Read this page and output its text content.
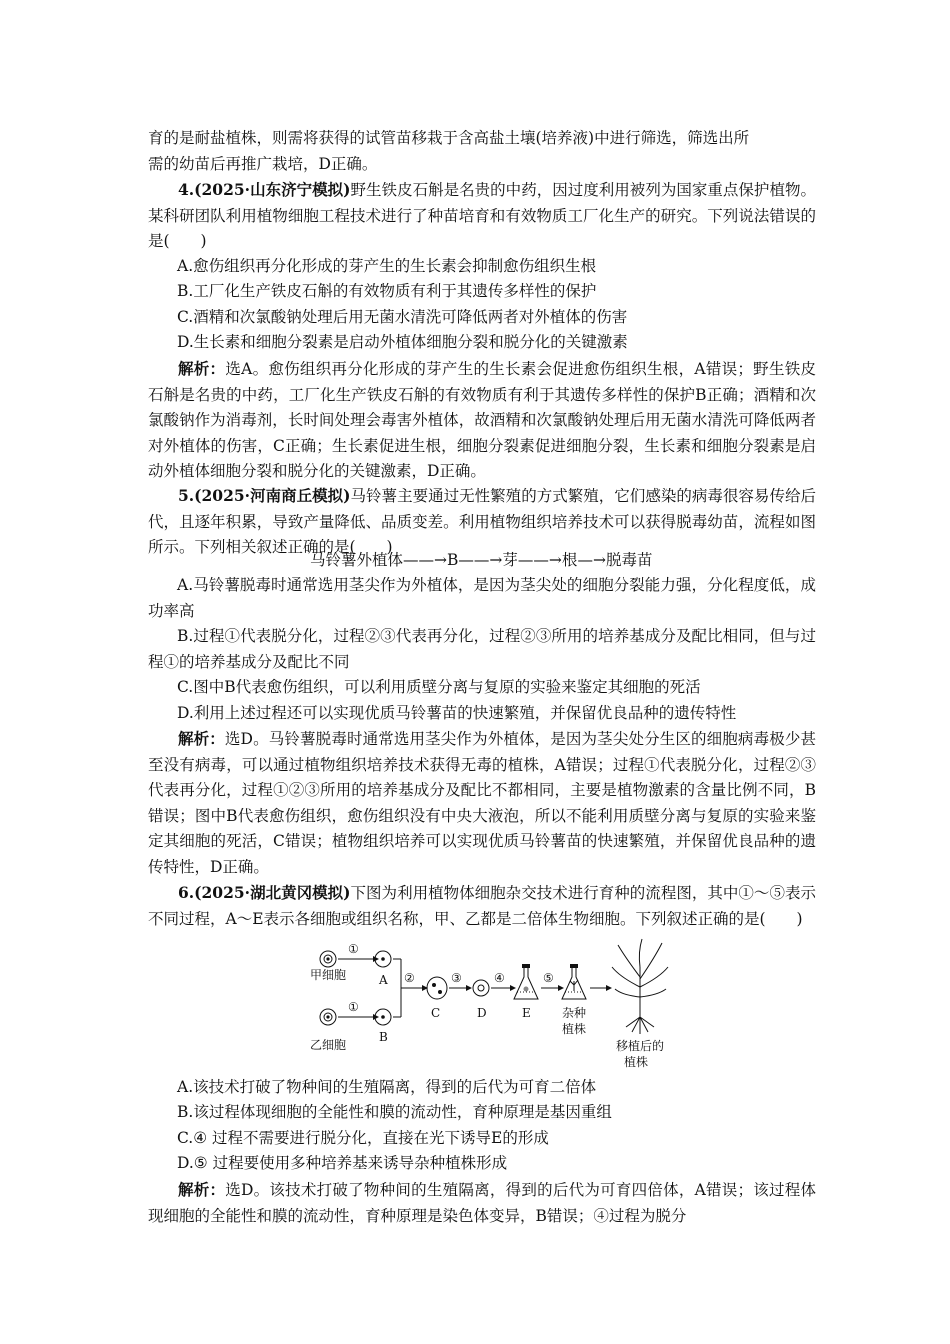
育的是耐盐植株，则需将获得的试管苗移栽于含高盐土壤(培养液)中进行筛选，筛选出所

需的幼苗后再推广栽培，D正确。

4.(2025·山东济宁模拟)野生铁皮石斛是名贵的中药，因过度利用被列为国家重点保护植物。某科研团队利用植物细胞工程技术进行了种苗培育和有效物质工厂化生产的研究。下列说法错误的是(　　)

A.愈伤组织再分化形成的芽产生的生长素会抑制愈伤组织生根

B.工厂化生产铁皮石斛的有效物质有利于其遗传多样性的保护

C.酒精和次氯酸钠处理后用无菌水清洗可降低两者对外植体的伤害

D.生长素和细胞分裂素是启动外植体细胞分裂和脱分化的关键激素

解析：选A。愈伤组织再分化形成的芽产生的生长素会促进愈伤组织生根，A错误；野生铁皮石斛是名贵的中药，工厂化生产铁皮石斛的有效物质有利于其遗传多样性的保护B正确；酒精和次氯酸钠作为消毒剂，长时间处理会毒害外植体，故酒精和次氯酸钠处理后用无菌水清洗可降低两者对外植体的伤害，C正确；生长素促进生根，细胞分裂素促进细胞分裂，生长素和细胞分裂素是启动外植体细胞分裂和脱分化的关键激素，D正确。

5.(2025·河南商丘模拟)马铃薯主要通过无性繁殖的方式繁殖，它们感染的病毒很容易传给后代，且逐年积累，导致产量降低、品质变差。利用植物组织培养技术可以获得脱毒幼苗，流程如图所示。下列相关叙述正确的是(　　)

马铃薯外植体——→B——→芽——→根—→脱毒苗

A.马铃薯脱毒时通常选用茎尖作为外植体，是因为茎尖处的细胞分裂能力强，分化程度低，成功率高

B.过程①代表脱分化，过程②③代表再分化，过程②③所用的培养基成分及配比相同，但与过程①的培养基成分及配比不同

C.图中B代表愈伤组织，可以利用质壁分离与复原的实验来鉴定其细胞的死活

D.利用上述过程还可以实现优质马铃薯苗的快速繁殖，并保留优良品种的遗传特性

解析：选D。马铃薯脱毒时通常选用茎尖作为外植体，是因为茎尖处分生区的细胞病毒极少甚至没有病毒，可以通过植物组织培养技术获得无毒的植株，A错误；过程①代表脱分化，过程②③代表再分化，过程①②③所用的培养基成分及配比不都相同，主要是植物激素的含量比例不同，B错误；图中B代表愈伤组织，愈伤组织没有中央大液泡，所以不能利用质壁分离与复原的实验来鉴定其细胞的死活，C错误；植物组织培养可以实现优质马铃薯苗的快速繁殖，并保留优良品种的遗传特性，D正确。

6.(2025·湖北黄冈模拟)下图为利用植物体细胞杂交技术进行育种的流程图，其中①～⑤表示不同过程，A～E表示各细胞或组织名称，甲、乙都是二倍体生物细胞。下列叙述正确的是(　　)

甲细胞
①
A
乙细胞
①
B
②
C
③
D
④
E
⑤
杂种
植株
移植后的
植株

A.该技术打破了物种间的生殖隔离，得到的后代为可育二倍体

B.该过程体现细胞的全能性和膜的流动性，育种原理是基因重组

C.④ 过程不需要进行脱分化，直接在光下诱导E的形成

D.⑤ 过程要使用多种培养基来诱导杂种植株形成

解析：选D。该技术打破了物种间的生殖隔离，得到的后代为可育四倍体，A错误；该过程体现细胞的全能性和膜的流动性，育种原理是染色体变异，B错误；④过程为脱分
